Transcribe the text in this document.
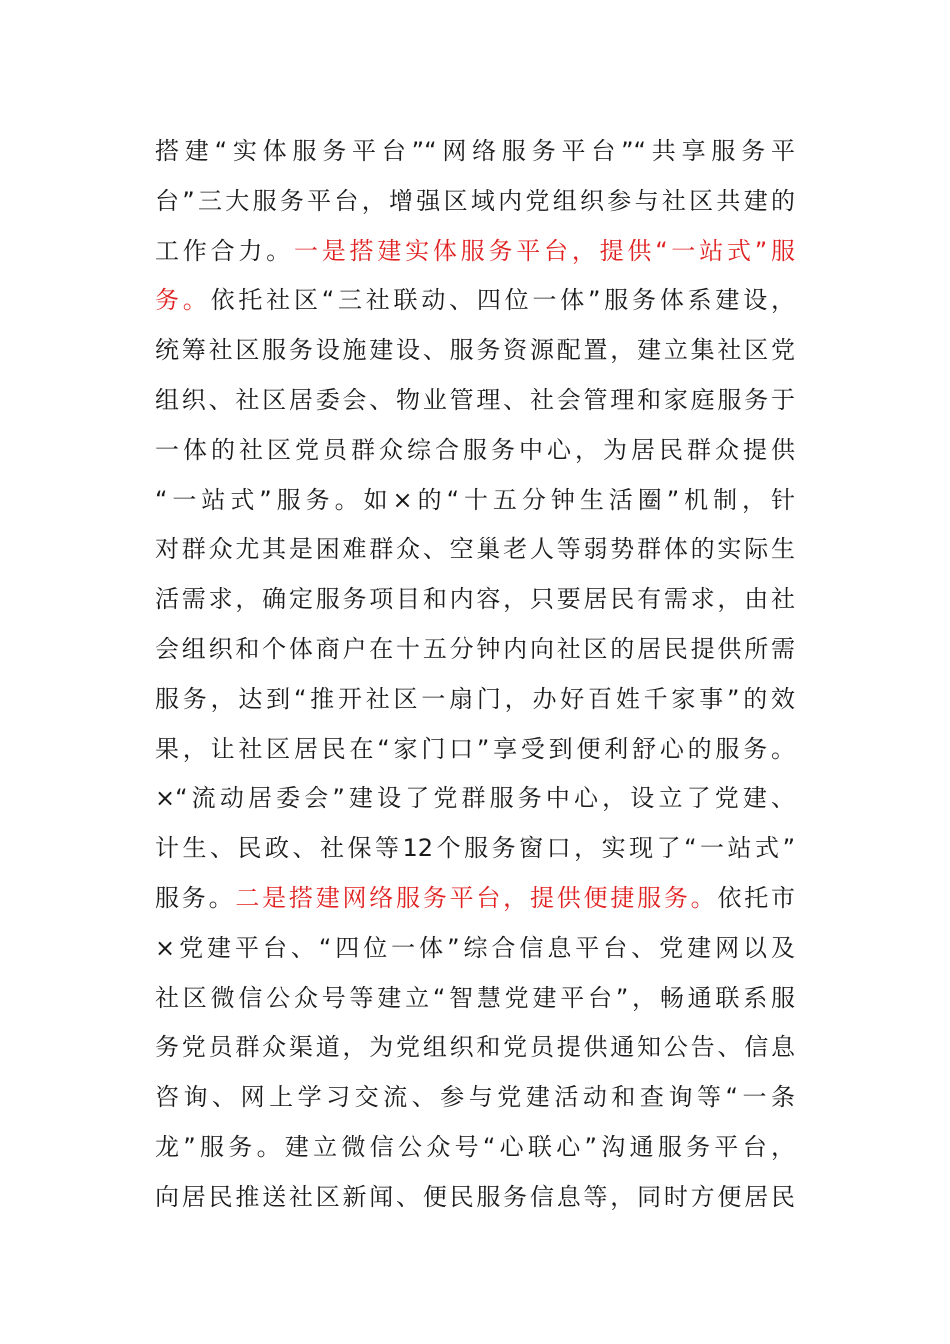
搭建“实体服务平台”“网络服务平台”“共享服务平
台”三大服务平台，增强区域内党组织参与社区共建的
工作合力。一是搭建实体服务平台，提供“一站式”服
务。依托社区“三社联动、四位一体”服务体系建设，
统筹社区服务设施建设、服务资源配置，建立集社区党
组织、社区居委会、物业管理、社会管理和家庭服务于
一体的社区党员群众综合服务中心，为居民群众提供
“一站式”服务。如×的“十五分钟生活圈”机制，针
对群众尤其是困难群众、空巢老人等弱势群体的实际生
活需求，确定服务项目和内容，只要居民有需求，由社
会组织和个体商户在十五分钟内向社区的居民提供所需
服务，达到“推开社区一扇门，办好百姓千家事”的效
果，让社区居民在“家门口”享受到便利舒心的服务。
×“流动居委会”建设了党群服务中心，设立了党建、
计生、民政、社保等12个服务窗口，实现了“一站式”
服务。二是搭建网络服务平台，提供便捷服务。依托市
×党建平台、“四位一体”综合信息平台、党建网以及
社区微信公众号等建立“智慧党建平台”，畅通联系服
务党员群众渠道，为党组织和党员提供通知公告、信息
咨询、网上学习交流、参与党建活动和查询等“一条
龙”服务。建立微信公众号“心联心”沟通服务平台，
向居民推送社区新闻、便民服务信息等，同时方便居民
